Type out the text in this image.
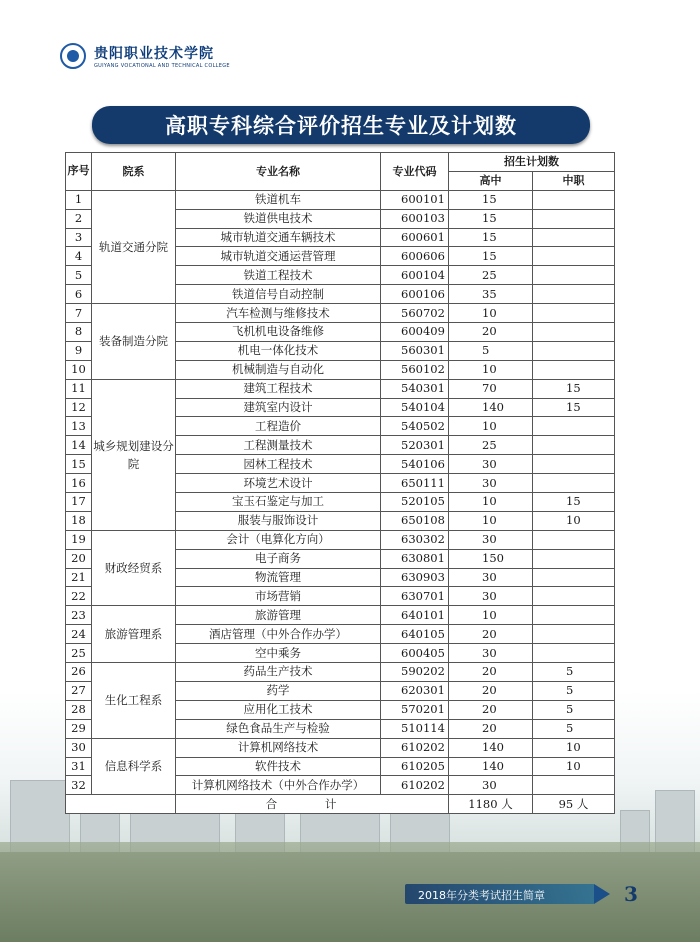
贵阳职业技术学院
GUIYANG VOCATIONAL AND TECHNICAL COLLEGE
高职专科综合评价招生专业及计划数
序号	院系	专业名称	专业代码	招生计划数	
				高中	中职
1	轨道交通分院	铁道机车	600101	15	
2		铁道供电技术	600103	15	
3		城市轨道交通车辆技术	600601	15	
4		城市轨道交通运营管理	600606	15	
5		铁道工程技术	600104	25	
6		铁道信号自动控制	600106	35	
7	装备制造分院	汽车检测与维修技术	560702	10	
8		飞机机电设备维修	600409	20	
9		机电一体化技术	560301	5	
10		机械制造与自动化	560102	10	
11	城乡规划建设分院	建筑工程技术	540301	70	15
12		建筑室内设计	540104	140	15
13		工程造价	540502	10	
14		工程测量技术	520301	25	
15		园林工程技术	540106	30	
16		环境艺术设计	650111	30	
17		宝玉石鉴定与加工	520105	10	15
18		服装与服饰设计	650108	10	10
19	财政经贸系	会计（电算化方向）	630302	30	
20		电子商务	630801	150	
21		物流管理	630903	30	
22		市场营销	630701	30	
23	旅游管理系	旅游管理	640101	10	
24		酒店管理（中外合作办学）	640105	20	
25		空中乘务	600405	30	
26	生化工程系	药品生产技术	590202	20	5
27		药学	620301	20	5
28		应用化工技术	570201	20	5
29		绿色食品生产与检验	510114	20	5
30	信息科学系	计算机网络技术	610202	140	10
31		软件技术	610205	140	10
32		计算机网络技术（中外合作办学）	610202	30	
		合 计		1180 人	95 人
2018年分类考试招生简章	3
